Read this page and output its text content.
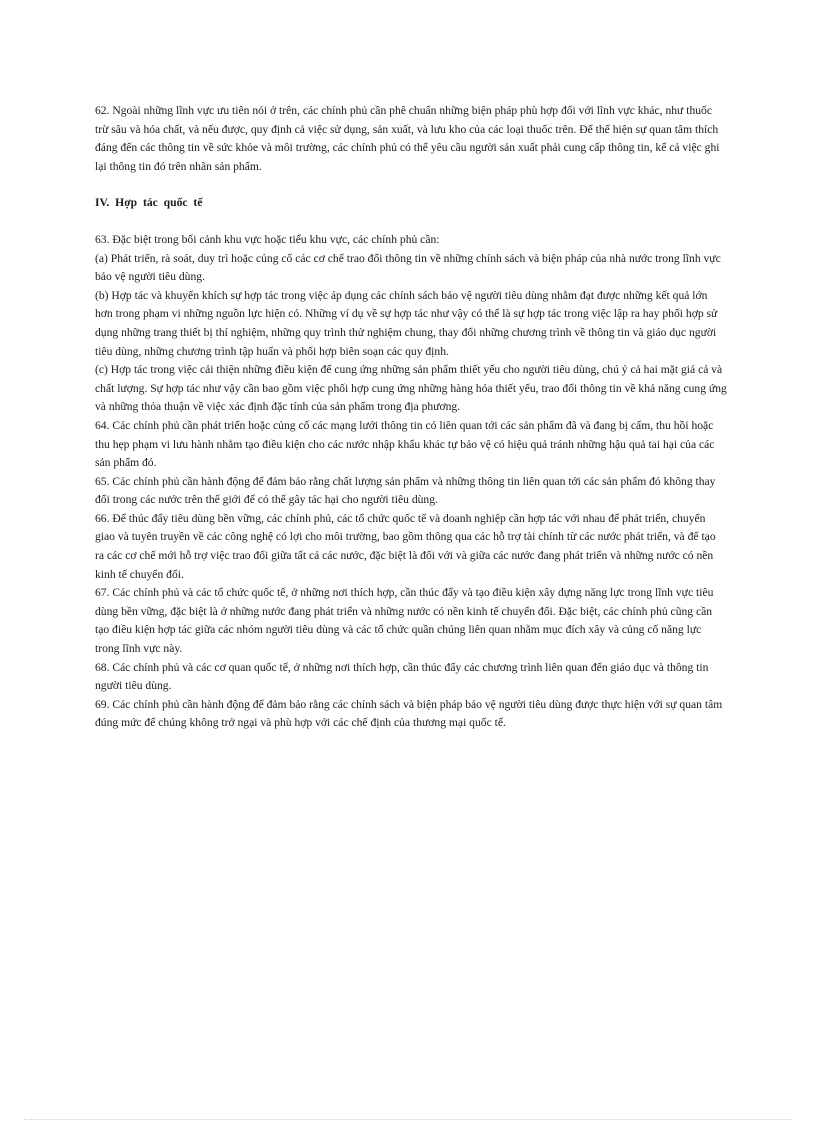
62. Ngoài những lĩnh vực ưu tiên nói ở trên, các chính phủ cần phê chuẩn những biện pháp phù hợp đối với lĩnh vực khác, như thuốc trừ sâu và hóa chất, và nếu được, quy định cả việc sử dụng, sản xuất, và lưu kho của các loại thuốc trên. Để thể hiện sự quan tâm thích đáng đến các thông tin về sức khỏe và môi trường, các chính phủ có thể yêu cầu người sản xuất phải cung cấp thông tin, kể cả việc ghi lại thông tin đó trên nhãn sản phẩm.

IV. Hợp tác quốc tế

63. Đặc biệt trong bối cảnh khu vực hoặc tiểu khu vực, các chính phủ cần:

(a) Phát triển, rà soát, duy trì hoặc củng cố các cơ chế trao đổi thông tin về những chính sách và biện pháp của nhà nước trong lĩnh vực bảo vệ người tiêu dùng.

(b) Hợp tác và khuyến khích sự hợp tác trong việc áp dụng các chính sách bảo vệ người tiêu dùng nhằm đạt được những kết quả lớn hơn trong phạm vi những nguồn lực hiện có. Những ví dụ về sự hợp tác như vậy có thể là sự hợp tác trong việc lập ra hay phối hợp sử dụng những trang thiết bị thí nghiệm, những quy trình thử nghiệm chung, thay đổi những chương trình về thông tin và giáo dục người tiêu dùng, những chương trình tập huấn và phối hợp biên soạn các quy định.

(c) Hợp tác trong việc cải thiện những điều kiện để cung ứng những sản phẩm thiết yếu cho người tiêu dùng, chú ý cả hai mặt giá cả và chất lượng. Sự hợp tác như vậy cần bao gồm việc phối hợp cung ứng những hàng hóa thiết yếu, trao đổi thông tin về khả năng cung ứng và những thỏa thuận về việc xác định đặc tính của sản phẩm trong địa phương.

64. Các chính phủ cần phát triển hoặc củng cố các mạng lưới thông tin có liên quan tới các sản phẩm đã và đang bị cấm, thu hồi hoặc thu hẹp phạm vi lưu hành nhằm tạo điều kiện cho các nước nhập khẩu khác tự bảo vệ có hiệu quả tránh những hậu quả tai hại của các sản phẩm đó.

65. Các chính phủ cần hành động để đảm bảo rằng chất lượng sản phẩm và những thông tin liên quan tới các sản phẩm đó không thay đổi trong các nước trên thế giới để có thể gây tác hại cho người tiêu dùng.

66. Để thúc đẩy tiêu dùng bền vững, các chính phủ, các tổ chức quốc tế và doanh nghiệp cần hợp tác với nhau để phát triển, chuyển giao và tuyên truyền về các công nghệ có lợi cho môi trường, bao gồm thông qua các hỗ trợ tài chính từ các nước phát triển, và để tạo ra các cơ chế mới hỗ trợ việc trao đổi giữa tất cả các nước, đặc biệt là đối với và giữa các nước đang phát triển và những nước có nền kinh tế chuyển đổi.

67. Các chính phủ và các tổ chức quốc tế, ở những nơi thích hợp, cần thúc đẩy và tạo điều kiện xây dựng năng lực trong lĩnh vực tiêu dùng bền vững, đặc biệt là ở những nước đang phát triển và những nước có nền kinh tế chuyển đổi. Đặc biệt, các chính phủ cũng cần tạo điều kiện hợp tác giữa các nhóm người tiêu dùng và các tổ chức quần chúng liên quan nhằm mục đích xây và củng cố năng lực trong lĩnh vực này.

68. Các chính phủ và các cơ quan quốc tế, ở những nơi thích hợp, cần thúc đẩy các chương trình liên quan đến giáo dục và thông tin người tiêu dùng.

69. Các chính phủ cần hành động để đảm bảo rằng các chính sách và biện pháp bảo vệ người tiêu dùng được thực hiện với sự quan tâm đúng mức để chúng không trở ngại và phù hợp với các chế định của thương mại quốc tế.
